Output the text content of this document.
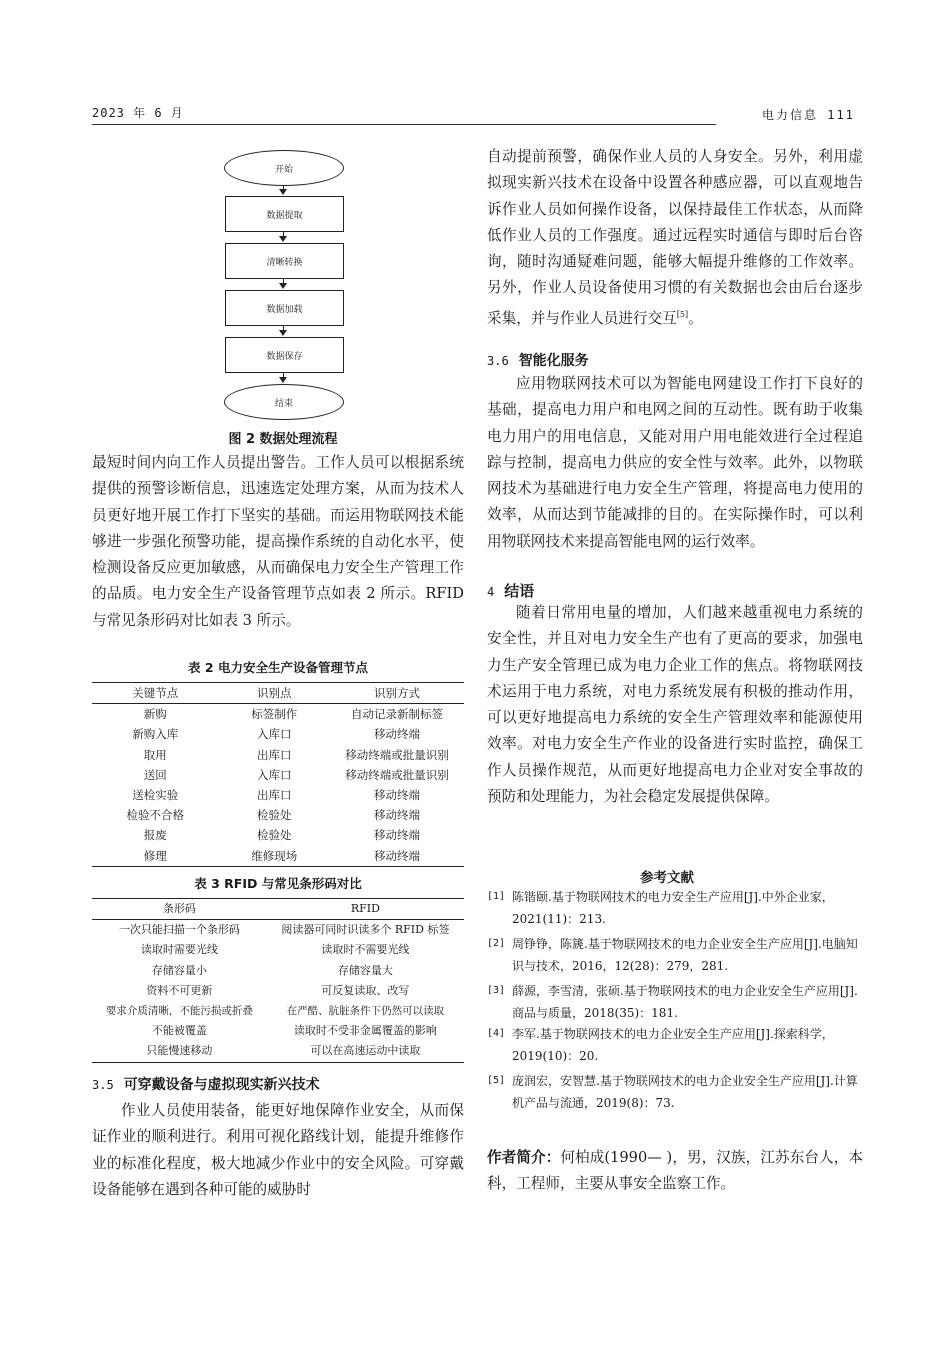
2023 年 6 月	电力信息 111
开始
数据提取
清晰转换
数据加载
数据保存
结束
图 2 数据处理流程
最短时间内向工作人员提出警告。工作人员可以根据系统提供的预警诊断信息，迅速选定处理方案，从而为技术人员更好地开展工作打下坚实的基础。而运用物联网技术能够进一步强化预警功能，提高操作系统的自动化水平，使检测设备反应更加敏感，从而确保电力安全生产管理工作的品质。电力安全生产设备管理节点如表 2 所示。RFID 与常见条形码对比如表 3 所示。
表 2 电力安全生产设备管理节点
关键节点	识别点	识别方式
新购	标签制作	自动记录新制标签
新购入库	入库口	移动终端
取用	出库口	移动终端或批量识别
送回	入库口	移动终端或批量识别
送检实验	出库口	移动终端
检验不合格	检验处	移动终端
报废	检验处	移动终端
修理	维修现场	移动终端
表 3 RFID 与常见条形码对比
条形码	RFID
一次只能扫描一个条形码	阅读器可同时识读多个 RFID 标签
读取时需要光线	读取时不需要光线
存储容量小	存储容量大
资料不可更新	可反复读取、改写
要求介质清晰，不能污损或折叠	在严酷、肮脏条件下仍然可以读取
不能被覆盖	读取时不受非金属覆盖的影响
只能慢速移动	可以在高速运动中读取
3.5 可穿戴设备与虚拟现实新兴技术
作业人员使用装备，能更好地保障作业安全，从而保证作业的顺利进行。利用可视化路线计划，能提升维修作业的标准化程度，极大地减少作业中的安全风险。可穿戴设备能够在遇到各种可能的威胁时
自动提前预警，确保作业人员的人身安全。另外，利用虚拟现实新兴技术在设备中设置各种感应器，可以直观地告诉作业人员如何操作设备，以保持最佳工作状态，从而降低作业人员的工作强度。通过远程实时通信与即时后台咨询，随时沟通疑难问题，能够大幅提升维修的工作效率。另外，作业人员设备使用习惯的有关数据也会由后台逐步采集，并与作业人员进行交互[5]。
3.6 智能化服务
应用物联网技术可以为智能电网建设工作打下良好的基础，提高电力用户和电网之间的互动性。既有助于收集电力用户的用电信息，又能对用户用电能效进行全过程追踪与控制，提高电力供应的安全性与效率。此外，以物联网技术为基础进行电力安全生产管理，将提高电力使用的效率，从而达到节能减排的目的。在实际操作时，可以利用物联网技术来提高智能电网的运行效率。
4 结语
随着日常用电量的增加，人们越来越重视电力系统的安全性，并且对电力安全生产也有了更高的要求，加强电力生产安全管理已成为电力企业工作的焦点。将物联网技术运用于电力系统，对电力系统发展有积极的推动作用，可以更好地提高电力系统的安全生产管理效率和能源使用效率。对电力安全生产作业的设备进行实时监控，确保工作人员操作规范，从而更好地提高电力企业对安全事故的预防和处理能力，为社会稳定发展提供保障。
参考文献
[1] 陈锴颐.基于物联网技术的电力安全生产应用[J].中外企业家，2021(11)：213.
[2] 周铮铮，陈篪.基于物联网技术的电力企业安全生产应用[J].电脑知识与技术，2016，12(28)：279，281.
[3] 薛源，李雪清，张硕.基于物联网技术的电力企业安全生产应用[J].商品与质量，2018(35)：181.
[4] 李军.基于物联网技术的电力企业安全生产应用[J].探索科学，2019(10)：20.
[5] 庞润宏，安智慧.基于物联网技术的电力企业安全生产应用[J].计算机产品与流通，2019(8)：73.
作者简介：何柏成(1990— )，男，汉族，江苏东台人，本科，工程师，主要从事安全监察工作。
